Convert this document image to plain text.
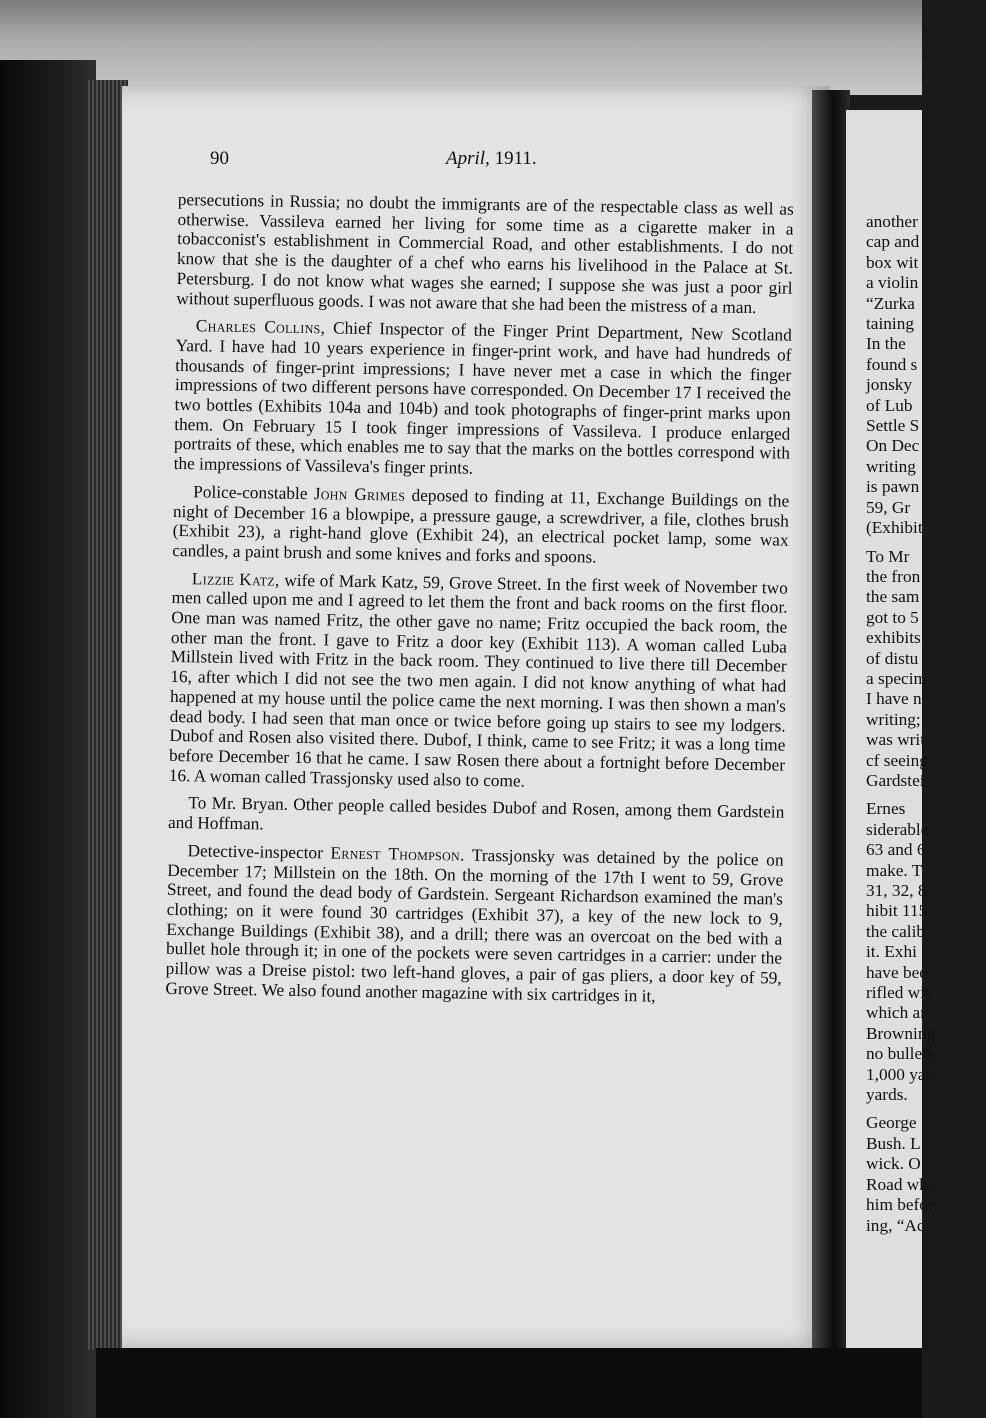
90	April, 1911.

persecutions in Russia; no doubt the immigrants are of the respectable class as well as otherwise. Vassileva earned her living for some time as a cigarette maker in a tobacconist's establishment in Commercial Road, and other establishments. I do not know that she is the daughter of a chef who earns his livelihood in the Palace at St. Petersburg. I do not know what wages she earned; I suppose she was just a poor girl without superfluous goods. I was not aware that she had been the mistress of a man.

Charles Collins, Chief Inspector of the Finger Print Department, New Scotland Yard. I have had 10 years experience in finger-print work, and have had hundreds of thousands of finger-print impressions; I have never met a case in which the finger impressions of two different persons have corresponded. On December 17 I received the two bottles (Exhibits 104a and 104b) and took photographs of finger-print marks upon them. On February 15 I took finger impressions of Vassileva. I produce enlarged portraits of these, which enables me to say that the marks on the bottles correspond with the impressions of Vassileva's finger prints.

Police-constable John Grimes deposed to finding at 11, Exchange Buildings on the night of December 16 a blowpipe, a pressure gauge, a screwdriver, a file, clothes brush (Exhibit 23), a right-hand glove (Exhibit 24), an electrical pocket lamp, some wax candles, a paint brush and some knives and forks and spoons.

Lizzie Katz, wife of Mark Katz, 59, Grove Street. In the first week of November two men called upon me and I agreed to let them the front and back rooms on the first floor. One man was named Fritz, the other gave no name; Fritz occupied the back room, the other man the front. I gave to Fritz a door key (Exhibit 113). A woman called Luba Millstein lived with Fritz in the back room. They continued to live there till December 16, after which I did not see the two men again. I did not know anything of what had happened at my house until the police came the next morning. I was then shown a man's dead body. I had seen that man once or twice before going up stairs to see my lodgers. Dubof and Rosen also visited there. Dubof, I think, came to see Fritz; it was a long time before December 16 that he came. I saw Rosen there about a fortnight before December 16. A woman called Trassjonsky used also to come.

To Mr. Bryan. Other people called besides Dubof and Rosen, among them Gardstein and Hoffman.

Detective-inspector Ernest Thompson. Trassjonsky was detained by the police on December 17; Millstein on the 18th. On the morning of the 17th I went to 59, Grove Street, and found the dead body of Gardstein. Sergeant Richardson examined the man's clothing; on it were found 30 cartridges (Exhibit 37), a key of the new lock to 9, Exchange Buildings (Exhibit 38), and a drill; there was an overcoat on the bed with a bullet hole through it; in one of the pockets were seven cartridges in a carrier: under the pillow was a Dreise pistol: two left-hand gloves, a pair of gas pliers, a door key of 59, Grove Street. We also found another magazine with six cartridges in it,

another
cap and
box wit
a violin
“Zurka
taining
In the
found s
jonsky
of Lub
Settle S
On Dec
writing
is pawn
59, Gr
(Exhibit
To Mr
the fron
the sam
got to 5
exhibits
of distu
a specim
I have n
writing;
was writ
cf seeing
Gardstei
Ernes
siderable
63 and 6
make. T
31, 32, 8
hibit 115
the calib
it. Exhi
have bee
rifled wit
which ar
Browning
no bullets
1,000 yar
yards.
George
Bush. L
wick. O
Road whe
him befor
ing, “Ac
